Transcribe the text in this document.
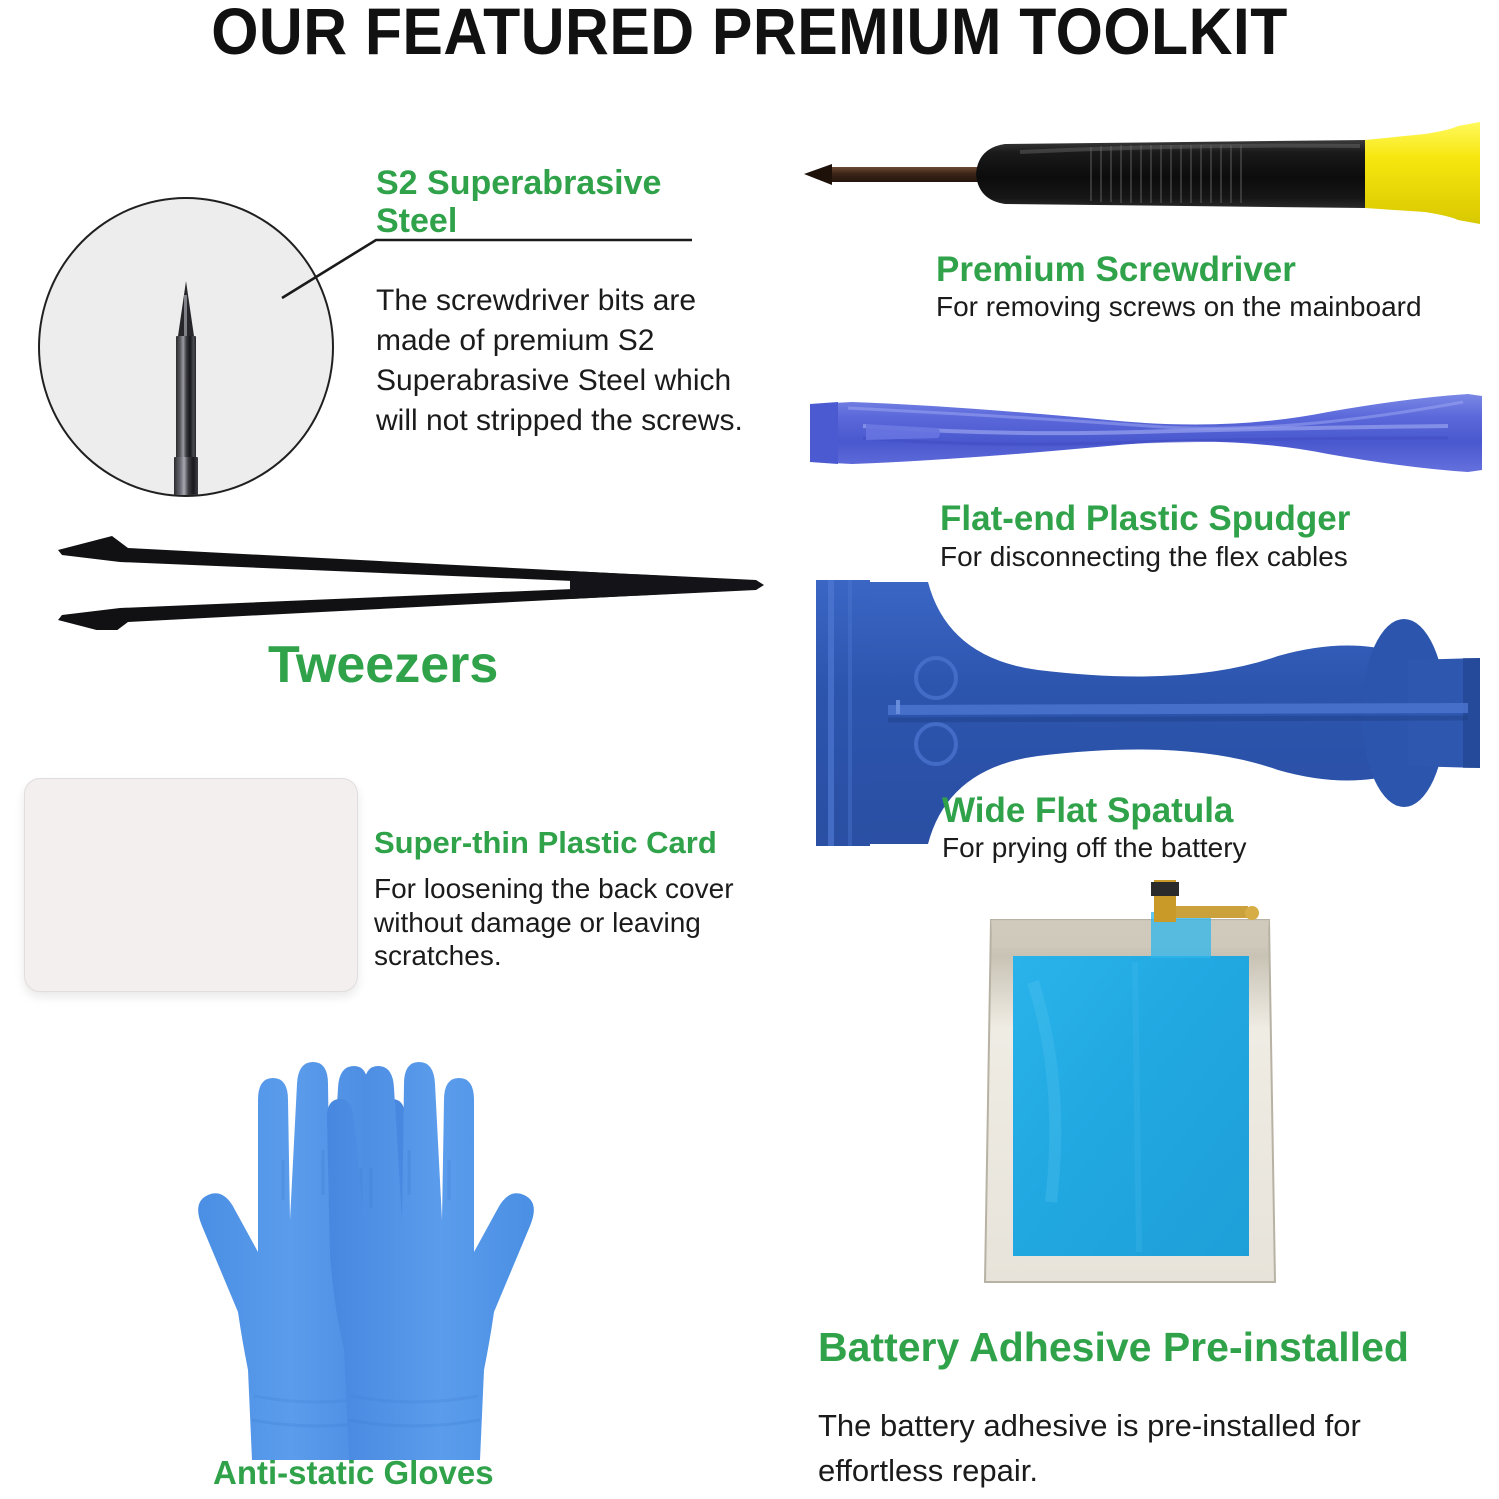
OUR FEATURED PREMIUM TOOLKIT
S2 Superabrasive Steel
The screwdriver bits are made of premium S2 Superabrasive Steel which will not stripped the screws.
Tweezers
Super-thin Plastic Card
For loosening the back cover without damage or leaving scratches.
Anti-static Gloves
Premium Screwdriver
For removing screws on the mainboard
Flat-end Plastic Spudger
For disconnecting the flex cables
Wide Flat Spatula
For prying off the battery
Battery Adhesive Pre-installed
The battery adhesive is pre-installed for effortless repair.
